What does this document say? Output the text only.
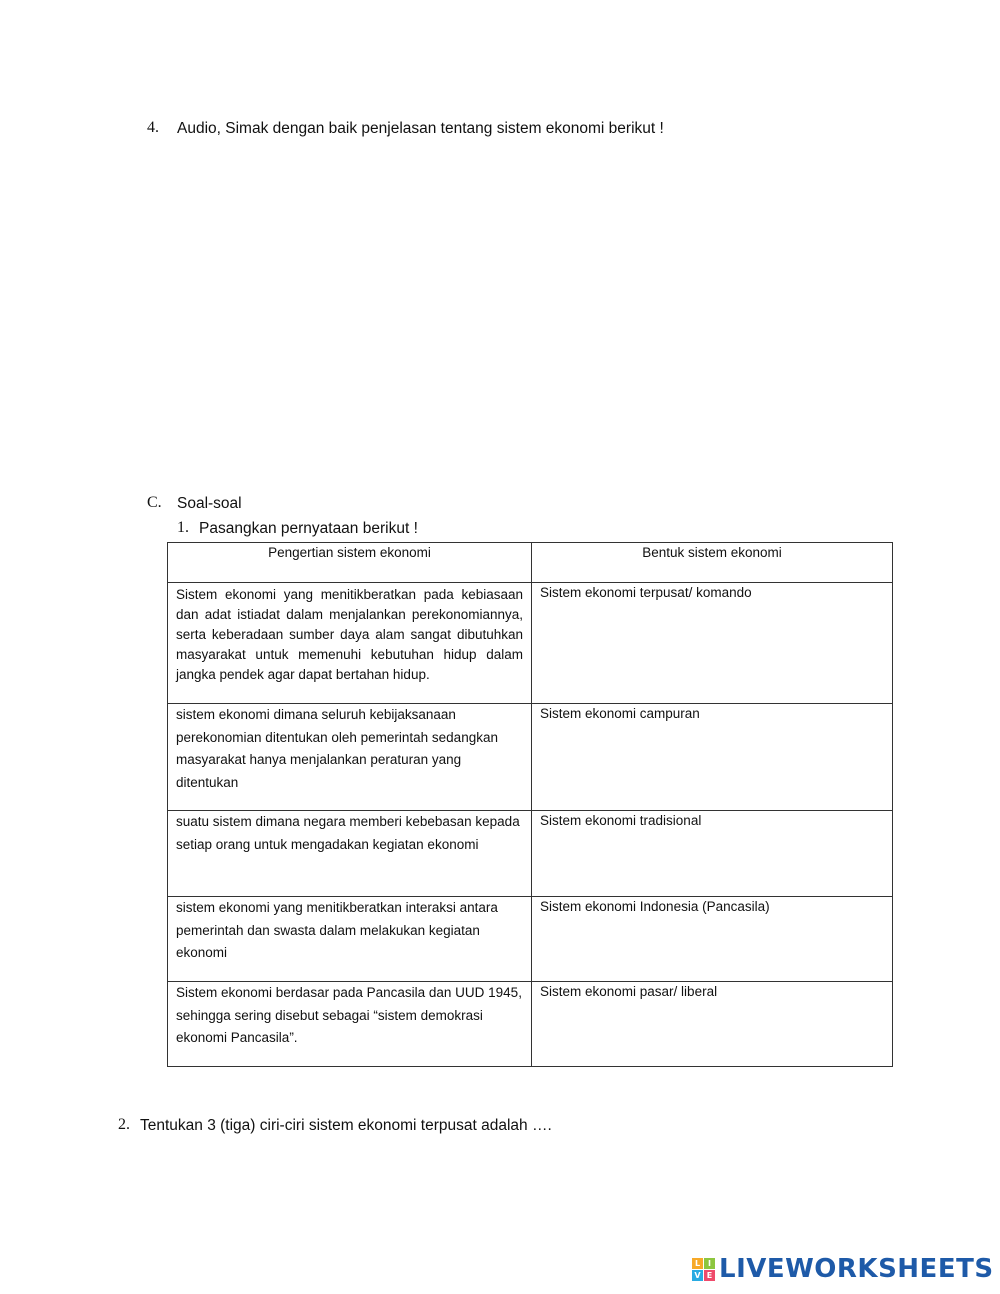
4. Audio, Simak dengan baik penjelasan tentang sistem ekonomi berikut !
C. Soal-soal
1. Pasangkan pernyataan berikut !
Pengertian sistem ekonomi	Bentuk sistem ekonomi

Sistem ekonomi yang menitikberatkan pada kebiasaan dan adat istiadat dalam menjalankan perekonomiannya, serta keberadaan sumber daya alam sangat dibutuhkan masyarakat untuk memenuhi kebutuhan hidup dalam jangka pendek agar dapat bertahan hidup.	Sistem ekonomi terpusat/ komando

sistem ekonomi dimana seluruh kebijaksanaan perekonomian ditentukan oleh pemerintah sedangkan masyarakat hanya menjalankan peraturan yang ditentukan	Sistem ekonomi campuran

suatu sistem dimana negara memberi kebebasan kepada setiap orang untuk mengadakan kegiatan ekonomi	Sistem ekonomi tradisional

sistem ekonomi yang menitikberatkan interaksi antara pemerintah dan swasta dalam melakukan kegiatan ekonomi	Sistem ekonomi Indonesia (Pancasila)

Sistem ekonomi berdasar pada Pancasila dan UUD 1945, sehingga sering disebut sebagai “sistem demokrasi ekonomi Pancasila”.	Sistem ekonomi pasar/ liberal
2. Tentukan 3 (tiga) ciri-ciri sistem ekonomi terpusat adalah ….
L I
V E LIVEWORKSHEETS
